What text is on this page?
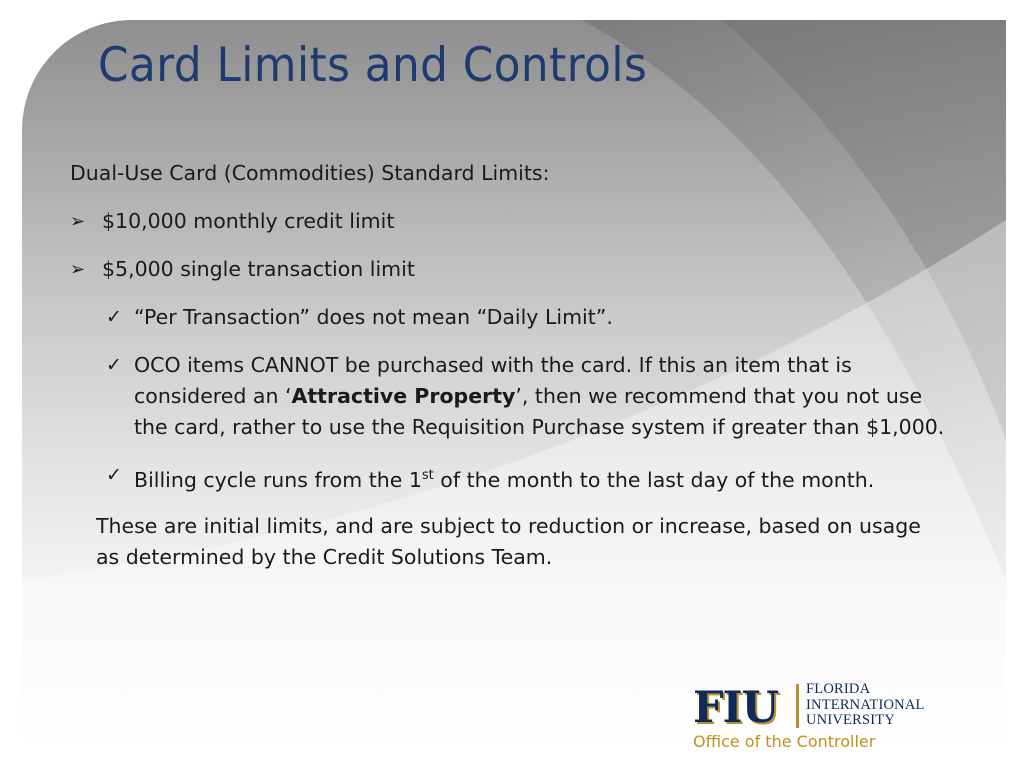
Card Limits and Controls

Dual-Use Card (Commodities) Standard Limits:

➢ $10,000 monthly credit limit
➢ $5,000 single transaction limit
✓ “Per Transaction” does not mean “Daily Limit”.
✓ OCO items CANNOT be purchased with the card. If this an item that is considered an ‘Attractive Property’, then we recommend that you not use the card, rather to use the Requisition Purchase system if greater than $1,000.
✓ Billing cycle runs from the 1st of the month to the last day of the month.

These are initial limits, and are subject to reduction or increase, based on usage as determined by the Credit Solutions Team.

FIU FLORIDA
INTERNATIONAL
UNIVERSITY
Office of the Controller
